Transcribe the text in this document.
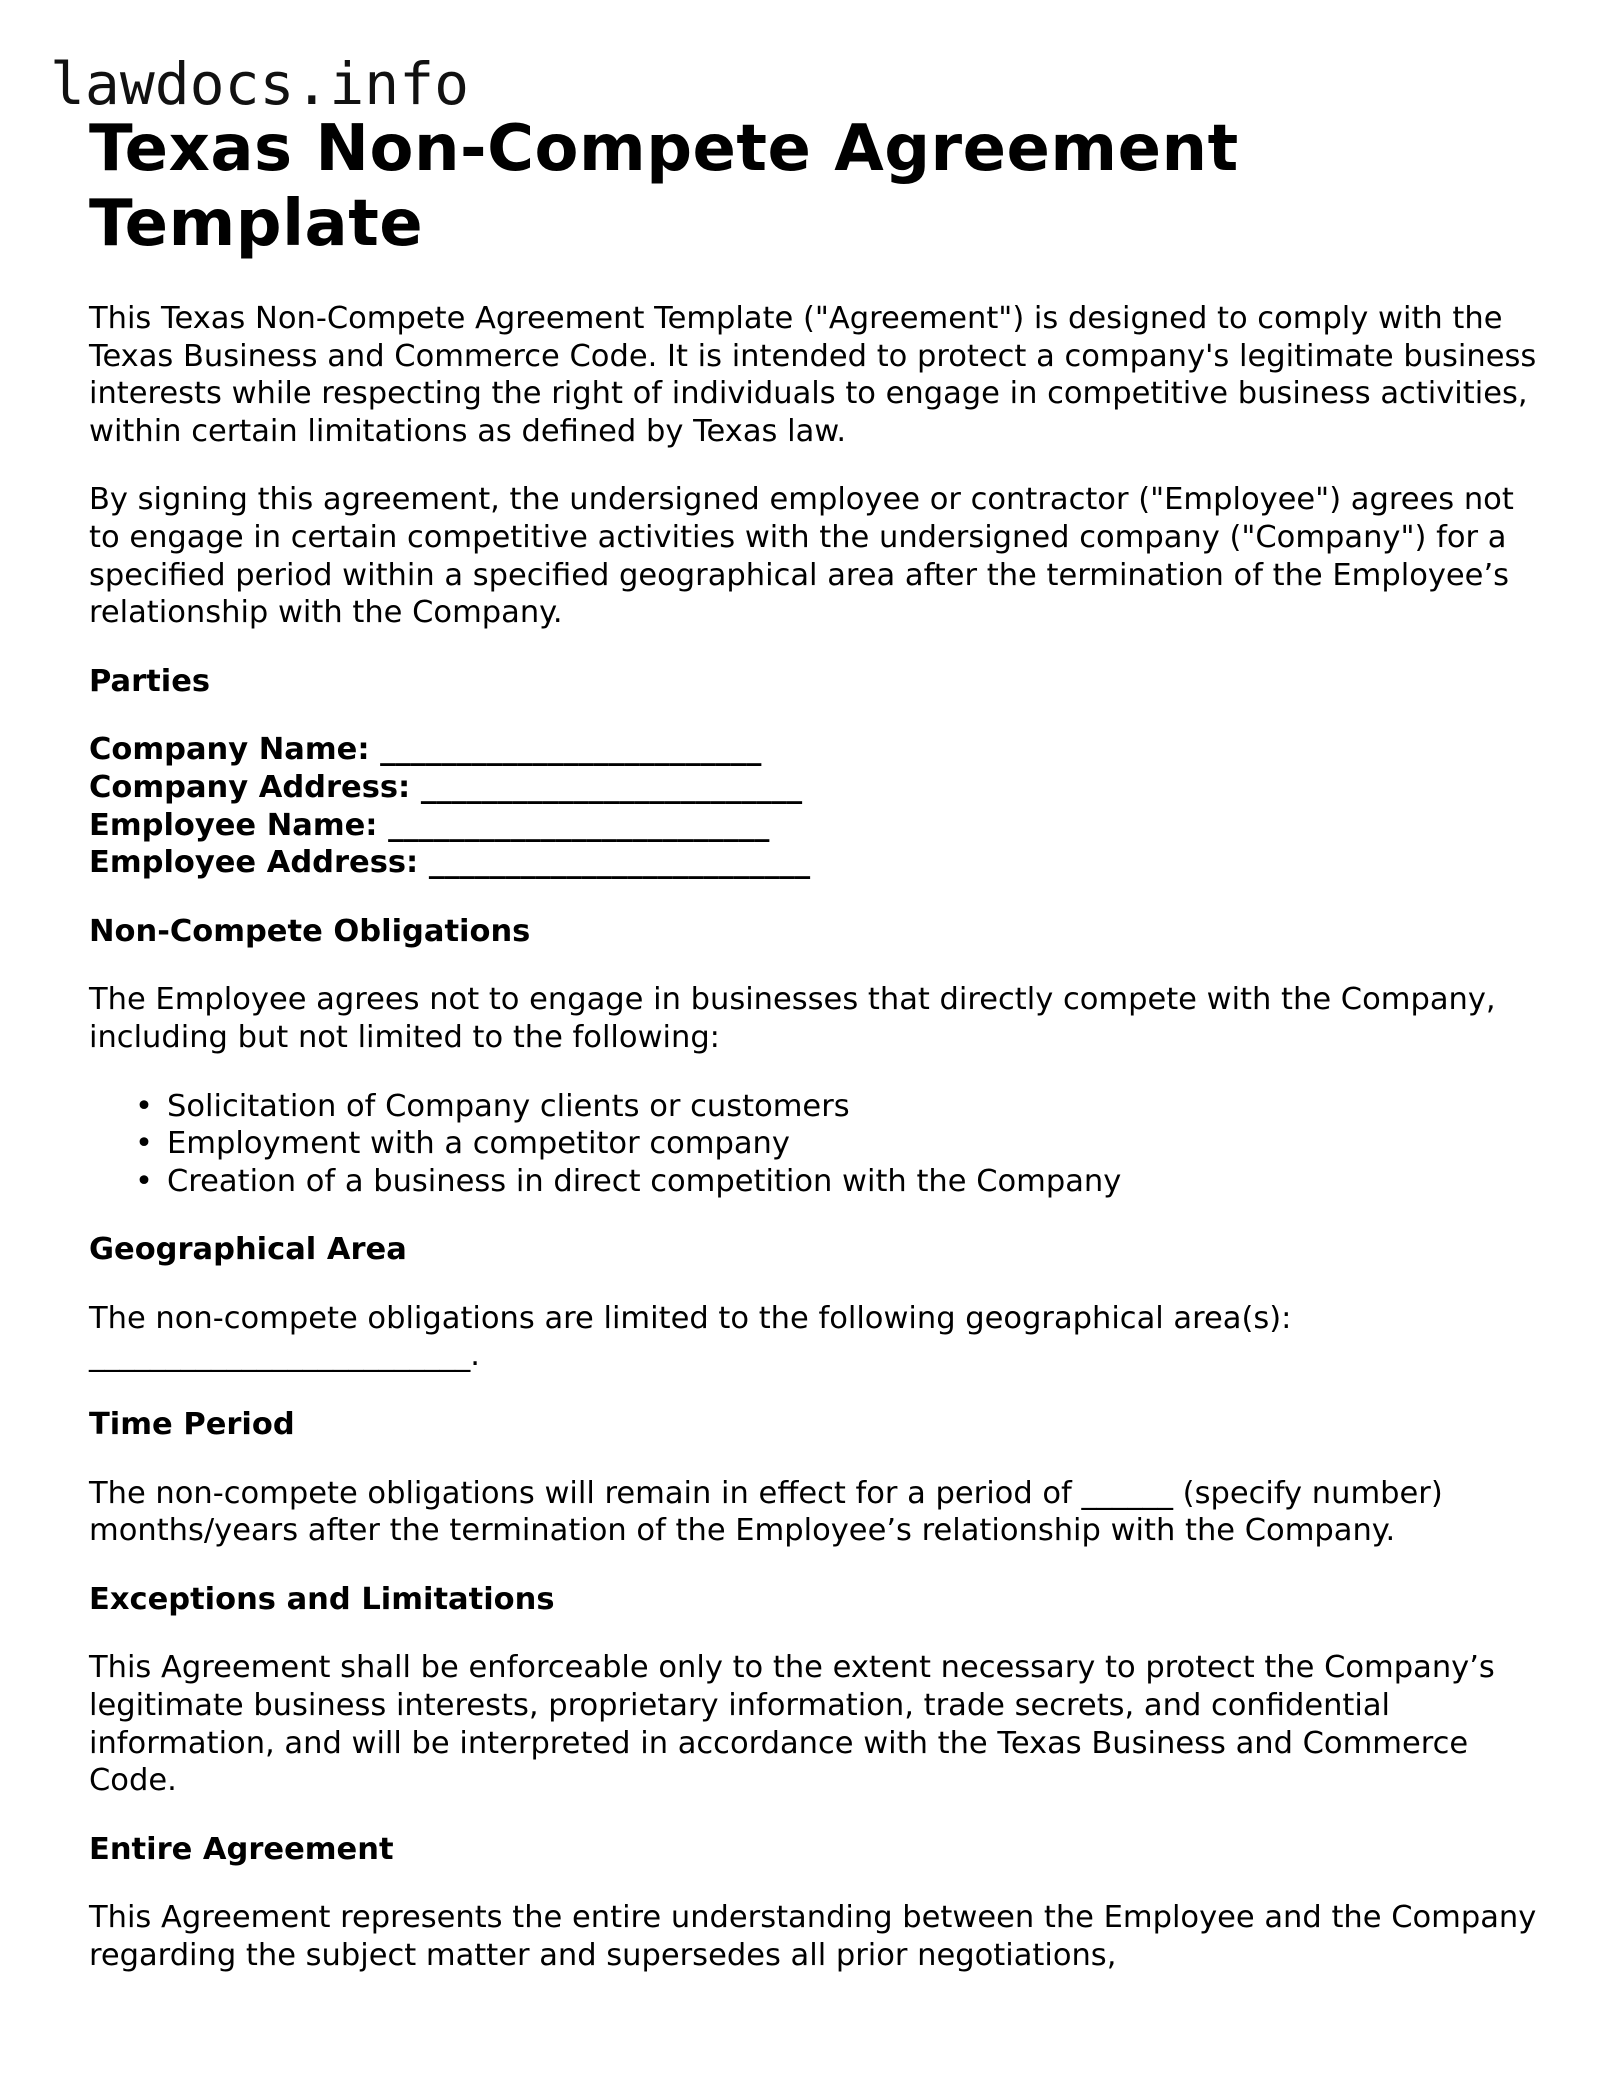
lawdocs.info
Texas Non-Compete Agreement Template

This Texas Non-Compete Agreement Template ("Agreement") is designed to comply with the Texas Business and Commerce Code. It is intended to protect a company's legitimate business interests while respecting the right of individuals to engage in competitive business activities, within certain limitations as defined by Texas law.

By signing this agreement, the undersigned employee or contractor ("Employee") agrees not to engage in certain competitive activities with the undersigned company ("Company") for a specified period within a specified geographical area after the termination of the Employee’s relationship with the Company.

Parties
Company Name: _________________________
Company Address: _________________________
Employee Name: _________________________
Employee Address: _________________________
Non-Compete Obligations

The Employee agrees not to engage in businesses that directly compete with the Company, including but not limited to the following:

• Solicitation of Company clients or customers
• Employment with a competitor company
• Creation of a business in direct competition with the Company
Geographical Area

The non-compete obligations are limited to the following geographical area(s): _________________________.

Time Period

The non-compete obligations will remain in effect for a period of ______ (specify number) months/years after the termination of the Employee’s relationship with the Company.

Exceptions and Limitations

This Agreement shall be enforceable only to the extent necessary to protect the Company’s legitimate business interests, proprietary information, trade secrets, and confidential information, and will be interpreted in accordance with the Texas Business and Commerce Code.

Entire Agreement

This Agreement represents the entire understanding between the Employee and the Company regarding the subject matter and supersedes all prior negotiations,
